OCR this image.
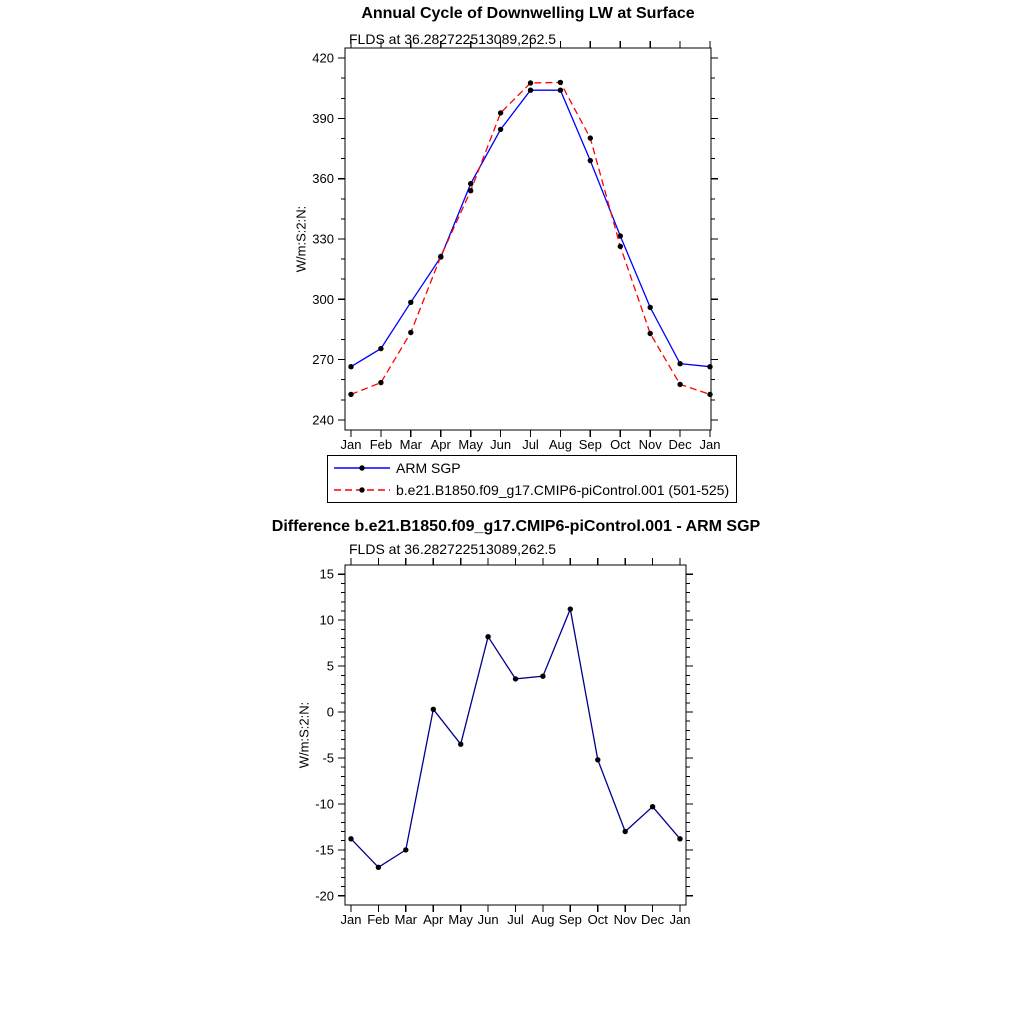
240
270
300
330
360
390
420
Jan Feb Mar Apr May Jun Jul Aug Sep Oct Nov Dec Jan
-20
-15
-10
-5
0
5
10
15
Jan Feb Mar Apr May Jun Jul Aug Sep Oct Nov Dec Jan
Annual Cycle of Downwelling LW at Surface
FLDS at 36.282722513089,262.5
W/m:S:2:N:
ARM SGP
b.e21.B1850.f09_g17.CMIP6-piControl.001 (501-525)
Difference b.e21.B1850.f09_g17.CMIP6-piControl.001 - ARM SGP
FLDS at 36.282722513089,262.5
W/m:S:2:N:
